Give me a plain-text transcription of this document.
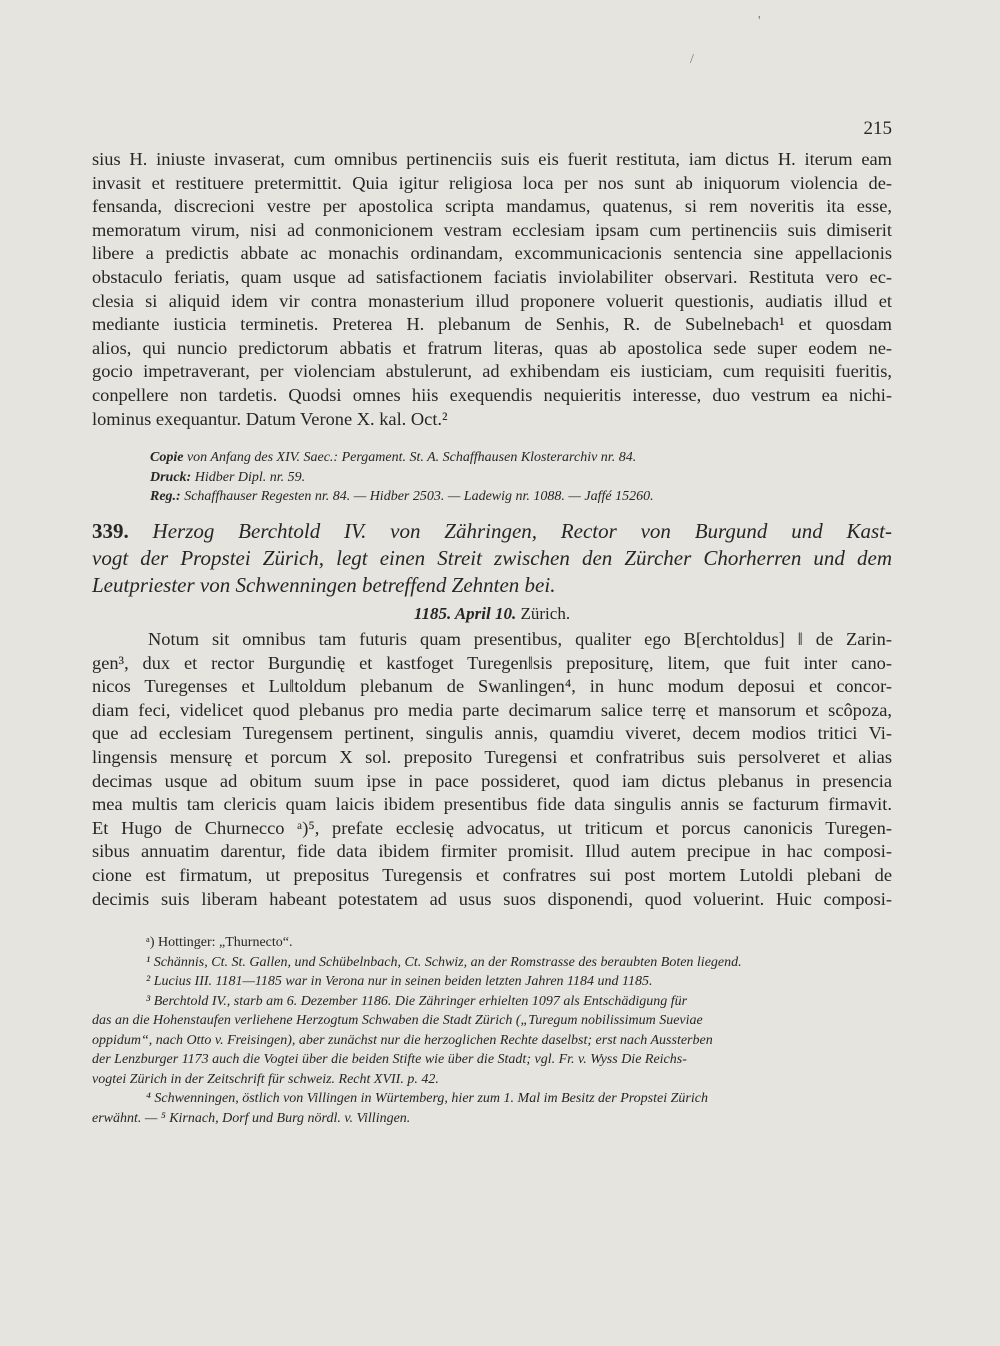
'
/
215
sius H. iniuste invaserat, cum omnibus pertinenciis suis eis fuerit restituta, iam dictus H. iterum eam
invasit et restituere pretermittit. Quia igitur religiosa loca per nos sunt ab iniquorum violencia de-
fensanda, discrecioni vestre per apostolica scripta mandamus, quatenus, si rem noveritis ita esse,
memoratum virum, nisi ad conmonicionem vestram ecclesiam ipsam cum pertinenciis suis dimiserit
libere a predictis abbate ac monachis ordinandam, excommunicacionis sentencia sine appellacionis
obstaculo feriatis, quam usque ad satisfactionem faciatis inviolabiliter observari. Restituta vero ec-
clesia si aliquid idem vir contra monasterium illud proponere voluerit questionis, audiatis illud et
mediante iusticia terminetis. Preterea H. plebanum de Senhis, R. de Subelnebach¹ et quosdam
alios, qui nuncio predictorum abbatis et fratrum literas, quas ab apostolica sede super eodem ne-
gocio impetraverant, per violenciam abstulerunt, ad exhibendam eis iusticiam, cum requisiti fueritis,
conpellere non tardetis. Quodsi omnes hiis exequendis nequieritis interesse, duo vestrum ea nichi-
lominus exequantur. Datum Verone X. kal. Oct.²
Copie von Anfang des XIV. Saec.: Pergament. St. A. Schaffhausen Klosterarchiv nr. 84.
Druck: Hidber Dipl. nr. 59.
Reg.: Schaffhauser Regesten nr. 84. — Hidber 2503. — Ladewig nr. 1088. — Jaffé 15260.
339. Herzog Berchtold IV. von Zähringen, Rector von Burgund und Kast-
vogt der Propstei Zürich, legt einen Streit zwischen den Zürcher Chorherren und dem
Leutpriester von Schwenningen betreffend Zehnten bei.
1185. April 10. Zürich.
Notum sit omnibus tam futuris quam presentibus, qualiter ego B[erchtoldus] ‖ de Zarin-
gen³, dux et rector Burgundię et kastfoget Turegen‖sis prepositurę, litem, que fuit inter cano-
nicos Turegenses et Lu‖toldum plebanum de Swanlingen⁴, in hunc modum deposui et concor-
diam feci, videlicet quod plebanus pro media parte decimarum salice terrę et mansorum et scôpoza,
que ad ecclesiam Turegensem pertinent, singulis annis, quamdiu viveret, decem modios tritici Vi-
lingensis mensurę et porcum X sol. preposito Turegensi et confratribus suis persolveret et alias
decimas usque ad obitum suum ipse in pace possideret, quod iam dictus plebanus in presencia
mea multis tam clericis quam laicis ibidem presentibus fide data singulis annis se facturum firmavit.
Et Hugo de Churnecco ᵃ)⁵, prefate ecclesię advocatus, ut triticum et porcus canonicis Turegen-
sibus annuatim darentur, fide data ibidem firmiter promisit. Illud autem precipue in hac composi-
cione est firmatum, ut prepositus Turegensis et confratres sui post mortem Lutoldi plebani de
decimis suis liberam habeant potestatem ad usus suos disponendi, quod voluerint. Huic composi-
ᵃ) Hottinger: „Thurnecto“.
¹ Schännis, Ct. St. Gallen, und Schübelnbach, Ct. Schwiz, an der Romstrasse des beraubten Boten liegend.
² Lucius III. 1181—1185 war in Verona nur in seinen beiden letzten Jahren 1184 und 1185.
³ Berchtold IV., starb am 6. Dezember 1186. Die Zähringer erhielten 1097 als Entschädigung für
das an die Hohenstaufen verliehene Herzogtum Schwaben die Stadt Zürich („Turegum nobilissimum Sueviae
oppidum“, nach Otto v. Freisingen), aber zunächst nur die herzoglichen Rechte daselbst; erst nach Aussterben
der Lenzburger 1173 auch die Vogtei über die beiden Stifte wie über die Stadt; vgl. Fr. v. Wyss Die Reichs-
vogtei Zürich in der Zeitschrift für schweiz. Recht XVII. p. 42.
⁴ Schwenningen, östlich von Villingen in Würtemberg, hier zum 1. Mal im Besitz der Propstei Zürich
erwähnt. — ⁵ Kirnach, Dorf und Burg nördl. v. Villingen.
